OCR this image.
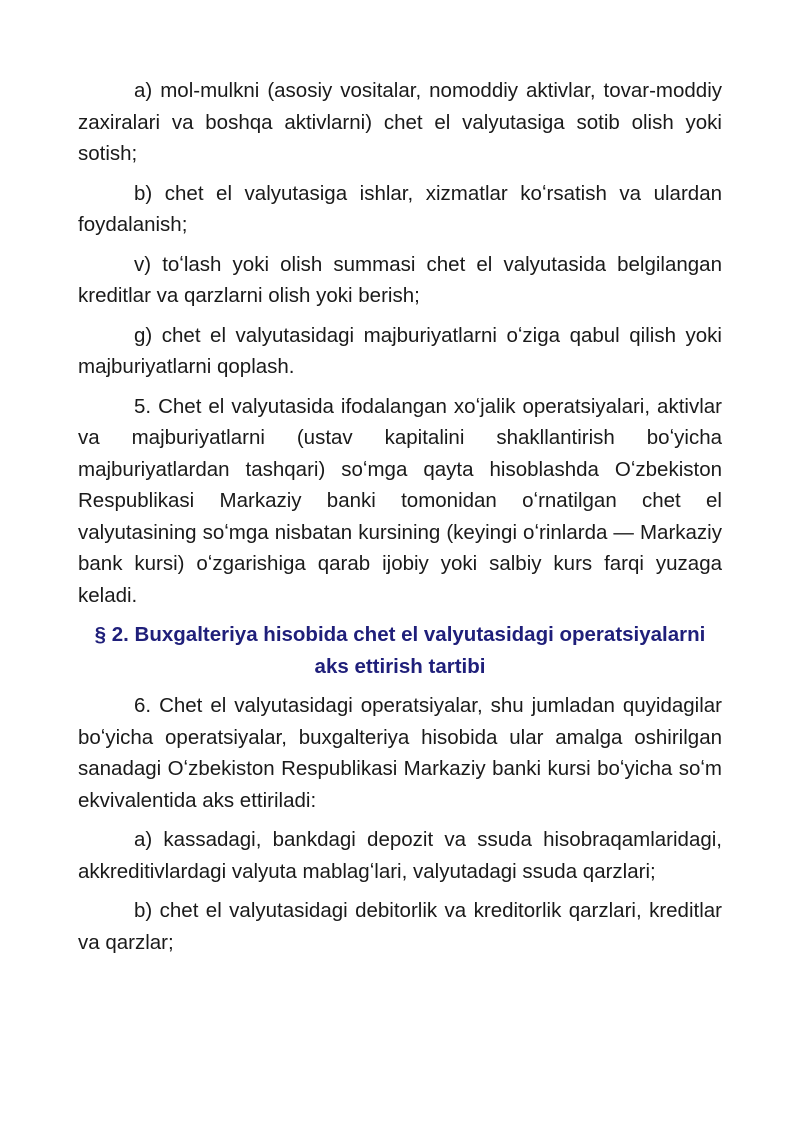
a) mol-mulkni (asosiy vositalar, nomoddiy aktivlar, tovar-moddiy zaxiralari va boshqa aktivlarni) chet el valyutasiga sotib olish yoki sotish;

b) chet el valyutasiga ishlar, xizmatlar koʻrsatish va ulardan foydalanish;

v) toʻlash yoki olish summasi chet el valyutasida belgilangan kreditlar va qarzlarni olish yoki berish;

g) chet el valyutasidagi majburiyatlarni oʻziga qabul qilish yoki majburiyatlarni qoplash.

5. Chet el valyutasida ifodalangan xoʻjalik operatsiyalari, aktivlar va majburiyatlarni (ustav kapitalini shakllantirish boʻyicha majburiyatlardan tashqari) soʻmga qayta hisoblashda Oʻzbekiston Respublikasi Markaziy banki tomonidan oʻrnatilgan chet el valyutasining soʻmga nisbatan kursining (keyingi oʻrinlarda — Markaziy bank kursi) oʻzgarishiga qarab ijobiy yoki salbiy kurs farqi yuzaga keladi.

§ 2. Buxgalteriya hisobida chet el valyutasidagi operatsiyalarni aks ettirish tartibi

6. Chet el valyutasidagi operatsiyalar, shu jumladan quyidagilar boʻyicha operatsiyalar, buxgalteriya hisobida ular amalga oshirilgan sanadagi Oʻzbekiston Respublikasi Markaziy banki kursi boʻyicha soʻm ekvivalentida aks ettiriladi:

a) kassadagi, bankdagi depozit va ssuda hisobraqamlaridagi, akkreditivlardagi valyuta mablagʻlari, valyutadagi ssuda qarzlari;

b) chet el valyutasidagi debitorlik va kreditorlik qarzlari, kreditlar va qarzlar;
